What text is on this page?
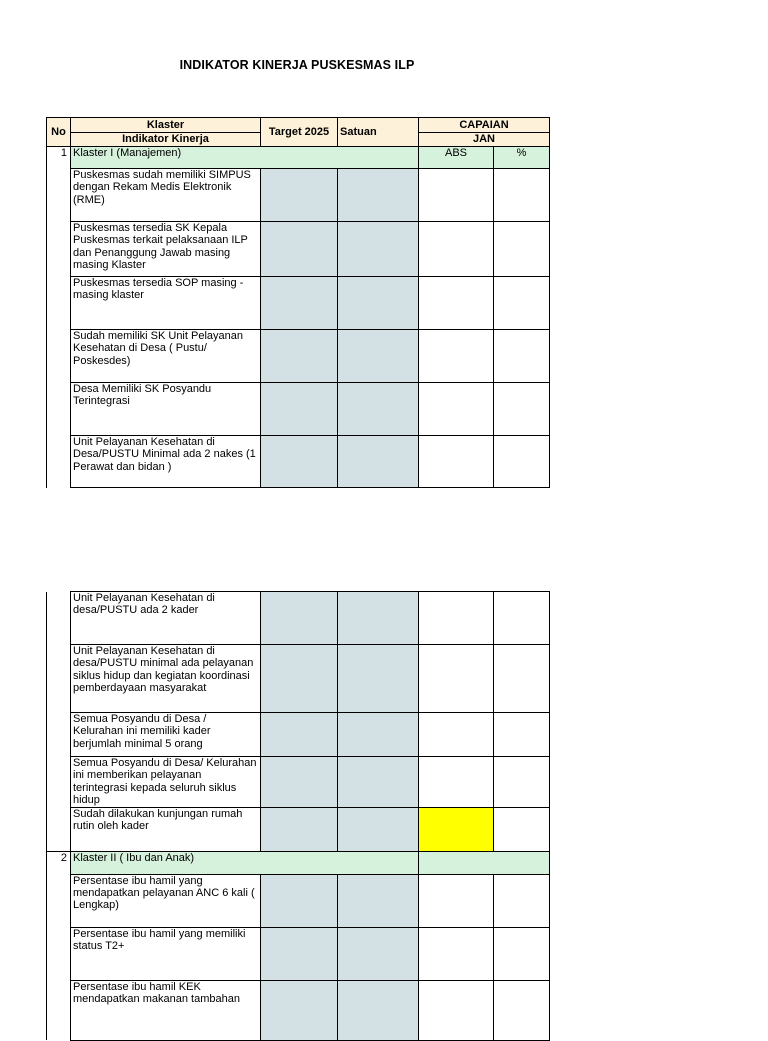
INDIKATOR KINERJA PUSKESMAS ILP
No	Klaster	Target 2025	Satuan	CAPAIAN	
	Indikator Kinerja			JAN	
1	Klaster I (Manajemen)			ABS	%
	Puskesmas sudah memiliki SIMPUS dengan Rekam Medis Elektronik (RME)				
	Puskesmas tersedia SK Kepala Puskesmas terkait pelaksanaan ILP dan Penanggung Jawab masing masing Klaster				
	Puskesmas tersedia SOP masing - masing klaster				
	Sudah memiliki SK Unit Pelayanan Kesehatan di Desa ( Pustu/ Poskesdes)				
	Desa Memiliki SK Posyandu Terintegrasi				
	Unit Pelayanan Kesehatan di Desa/PUSTU Minimal ada 2 nakes (1 Perawat dan bidan )				
	Unit Pelayanan Kesehatan di desa/PUSTU ada 2 kader				
	Unit Pelayanan Kesehatan di desa/PUSTU minimal ada pelayanan siklus hidup dan kegiatan koordinasi pemberdayaan masyarakat				
	Semua Posyandu di Desa / Kelurahan ini memiliki kader berjumlah minimal 5 orang				
	Semua Posyandu di Desa/ Kelurahan ini memberikan pelayanan terintegrasi kepada seluruh siklus hidup				
	Sudah dilakukan kunjungan rumah rutin oleh kader				
2	Klaster II ( Ibu dan Anak)				
	Persentase ibu hamil yang mendapatkan pelayanan ANC 6 kali ( Lengkap)				
	Persentase ibu hamil yang memiliki status T2+				
	Persentase ibu hamil KEK mendapatkan makanan tambahan				
